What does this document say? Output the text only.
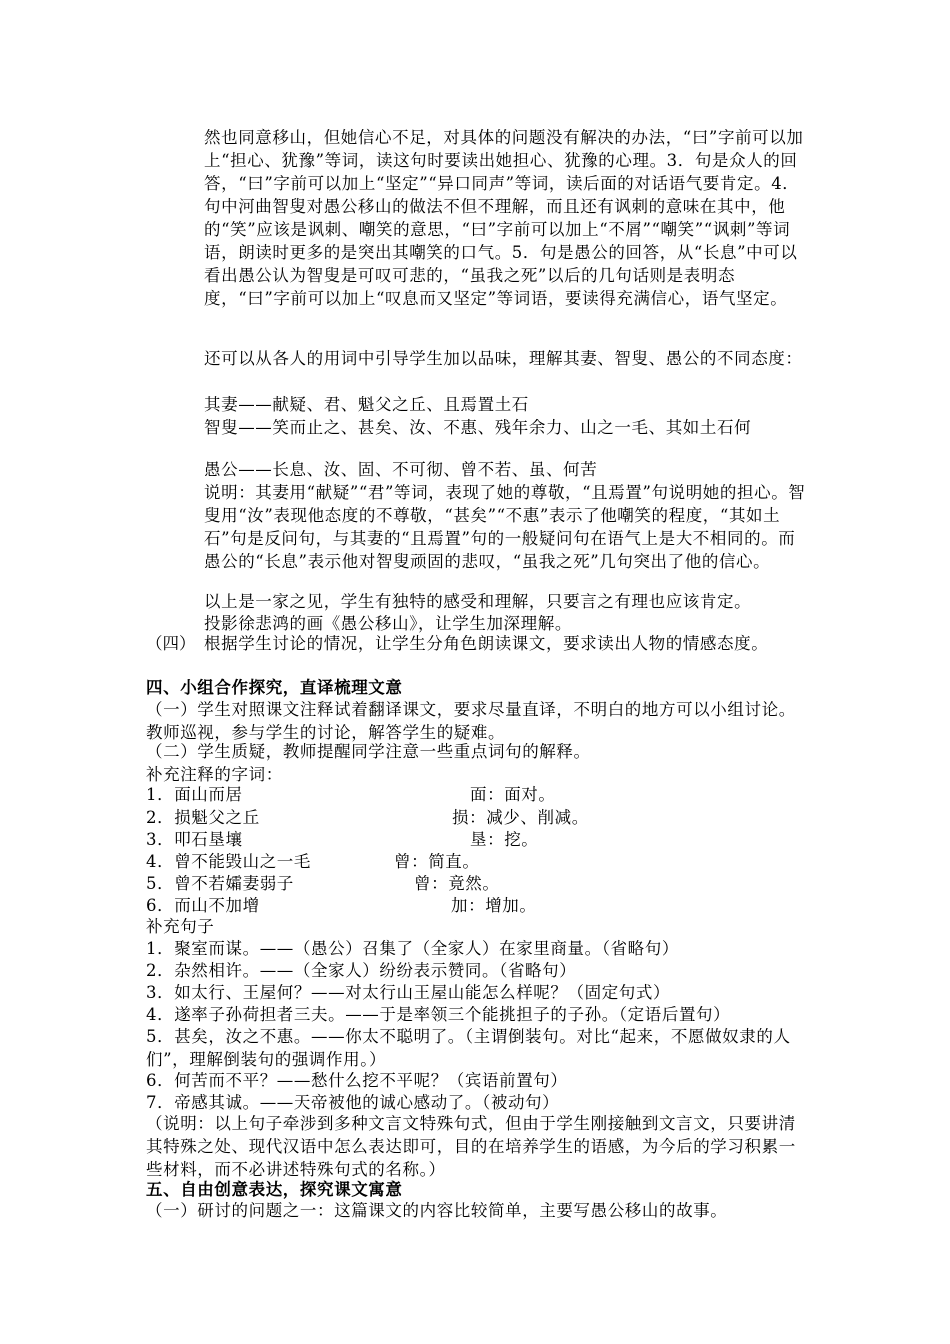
然也同意移山，但她信心不足，对具体的问题没有解决的办法，“曰”字前可以加上“担心、犹豫”等词，读这句时要读出她担心、犹豫的心理。3．句是众人的回答，“曰”字前可以加上“坚定”“异口同声”等词，读后面的对话语气要肯定。4．句中河曲智叟对愚公移山的做法不但不理解，而且还有讽刺的意味在其中，他的“笑”应该是讽刺、嘲笑的意思，“曰”字前可以加上“不屑”“嘲笑”“讽刺”等词语，朗读时更多的是突出其嘲笑的口气。5．句是愚公的回答，从“长息”中可以看出愚公认为智叟是可叹可悲的，“虽我之死”以后的几句话则是表明态度，“曰”字前可以加上“叹息而又坚定”等词语，要读得充满信心，语气坚定。
还可以从各人的用词中引导学生加以品味，理解其妻、智叟、愚公的不同态度：
其妻——献疑、君、魁父之丘、且焉置土石
智叟——笑而止之、甚矣、汝、不惠、残年余力、山之一毛、其如土石何
愚公——长息、汝、固、不可彻、曾不若、虽、何苦
说明：其妻用“献疑”“君”等词，表现了她的尊敬，“且焉置”句说明她的担心。智叟用“汝”表现他态度的不尊敬，“甚矣”“不惠”表示了他嘲笑的程度，“其如土石”句是反问句，与其妻的“且焉置”句的一般疑问句在语气上是大不相同的。而愚公的“长息”表示他对智叟顽固的悲叹，“虽我之死”几句突出了他的信心。
以上是一家之见，学生有独特的感受和理解，只要言之有理也应该肯定。
投影徐悲鸿的画《愚公移山》，让学生加深理解。
（四） 根据学生讨论的情况，让学生分角色朗读课文，要求读出人物的情感态度。
四、小组合作探究，直译梳理文意
（一）学生对照课文注释试着翻译课文，要求尽量直译，不明白的地方可以小组讨论。教师巡视，参与学生的讨论，解答学生的疑难。
（二）学生质疑，教师提醒同学注意一些重点词句的解释。
补充注释的字词：
1．面山而居	面：面对。
2．损魁父之丘	损：减少、削减。
3．叩石垦壤	垦：挖。
4．曾不能毁山之一毛	曾：简直。
5．曾不若孀妻弱子	曾：竟然。
6．而山不加增	加：增加。
补充句子
1．聚室而谋。——（愚公）召集了（全家人）在家里商量。（省略句）
2．杂然相许。——（全家人）纷纷表示赞同。（省略句）
3．如太行、王屋何？——对太行山王屋山能怎么样呢？（固定句式）
4．遂率子孙荷担者三夫。——于是率领三个能挑担子的子孙。（定语后置句）
5．甚矣，汝之不惠。——你太不聪明了。（主谓倒装句。对比“起来，不愿做奴隶的人们”，理解倒装句的强调作用。）
6．何苦而不平？——愁什么挖不平呢？（宾语前置句）
7．帝感其诚。——天帝被他的诚心感动了。（被动句）
（说明：以上句子牵涉到多种文言文特殊句式，但由于学生刚接触到文言文，只要讲清其特殊之处、现代汉语中怎么表达即可，目的在培养学生的语感，为今后的学习积累一些材料，而不必讲述特殊句式的名称。）
五、自由创意表达，探究课文寓意
（一）研讨的问题之一：这篇课文的内容比较简单，主要写愚公移山的故事。
